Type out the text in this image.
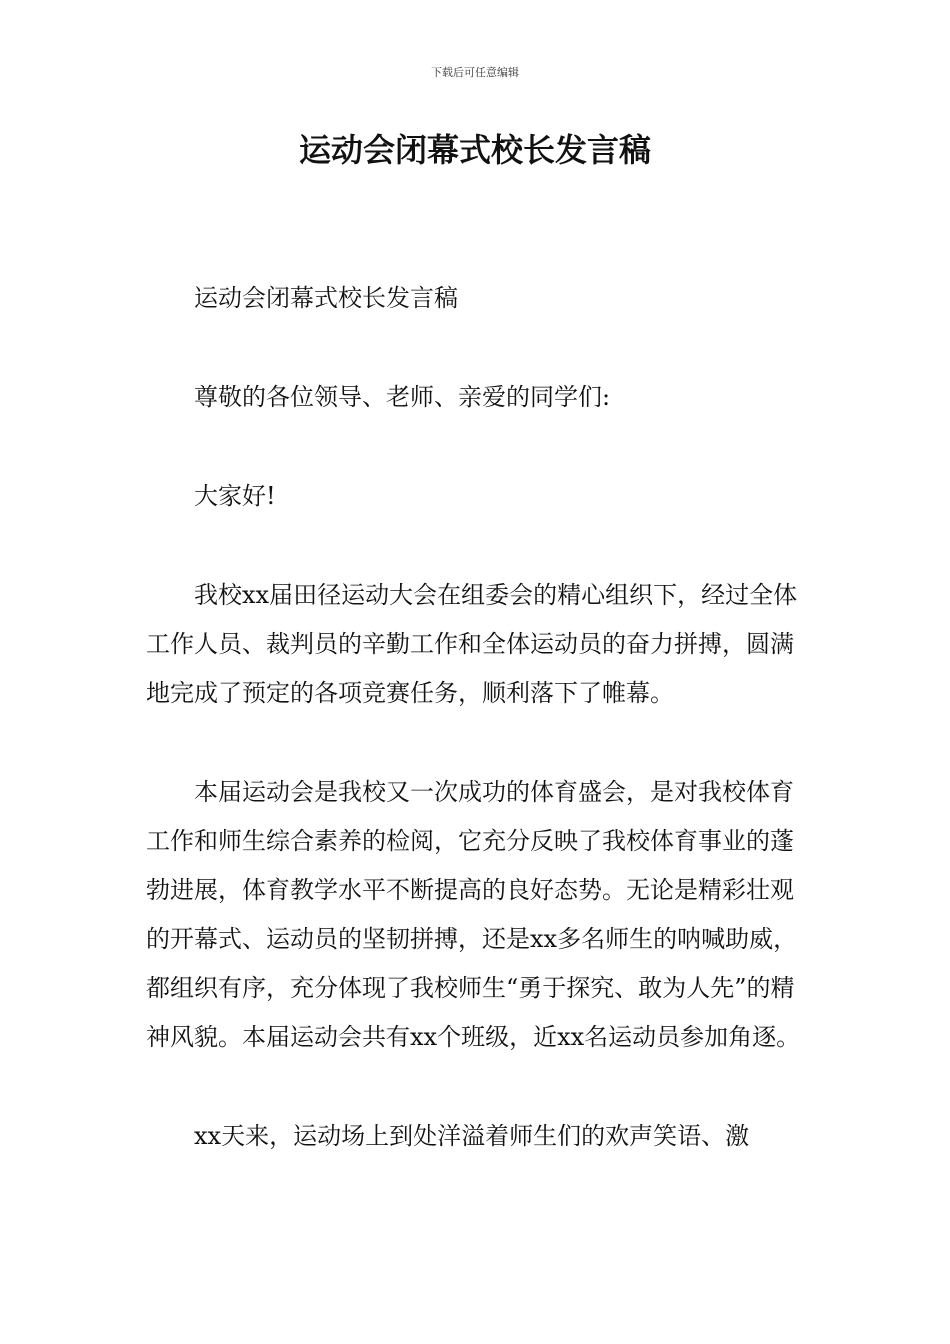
下载后可任意编辑
运动会闭幕式校长发言稿

运动会闭幕式校长发言稿

尊敬的各位领导、老师、亲爱的同学们:

大家好!

我校xx届田径运动大会在组委会的精心组织下，经过全体工作人员、裁判员的辛勤工作和全体运动员的奋力拼搏，圆满地完成了预定的各项竞赛任务，顺利落下了帷幕。

本届运动会是我校又一次成功的体育盛会，是对我校体育工作和师生综合素养的检阅，它充分反映了我校体育事业的蓬勃进展，体育教学水平不断提高的良好态势。无论是精彩壮观的开幕式、运动员的坚韧拼搏，还是xx多名师生的呐喊助威，都组织有序，充分体现了我校师生“勇于探究、敢为人先”的精神风貌。本届运动会共有xx个班级，近xx名运动员参加角逐。

xx天来，运动场上到处洋溢着师生们的欢声笑语、激
